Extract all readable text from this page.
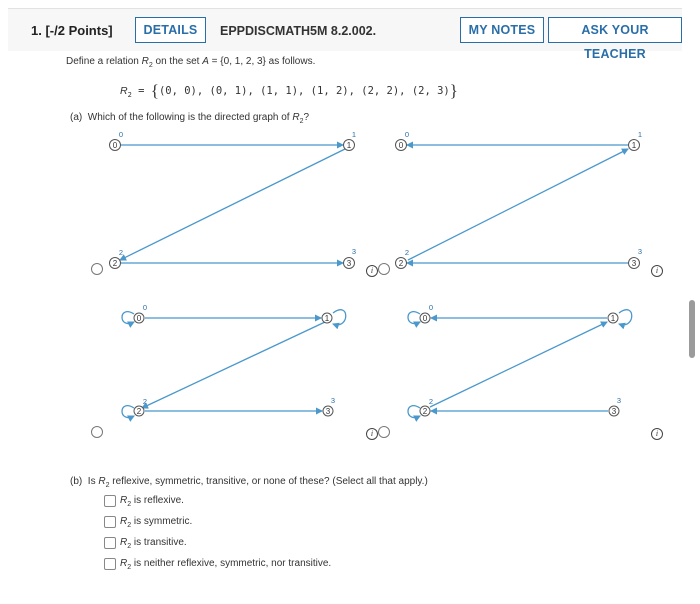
1. [-/2 Points]	DETAILS	EPPDISCMATH5M 8.2.002.	MY NOTES	ASK YOUR TEACHER
Define a relation $R_2$ on the set A = {0, 1, 2, 3} as follows.
$R_2 = \{(0$, 0), (0, 1), (1, 1), (1, 2), (2, 2), (2, 3)}
(a) Which of the following is the directed graph of $R_2$?
0
0
1
1
2
2
3
3
0
0
1
1
2
2
3
3
0
0
1
2
2
3
3
0
0
1
2
2
3
3
i	i
i	i
(b) Is $R_2$ reflexive, symmetric, transitive, or none of these? (Select all that apply.)
$R_2$ is reflexive.
$R_2$ is symmetric.
$R_2$ is transitive.
$R_2$ is neither reflexive, symmetric, nor transitive.
